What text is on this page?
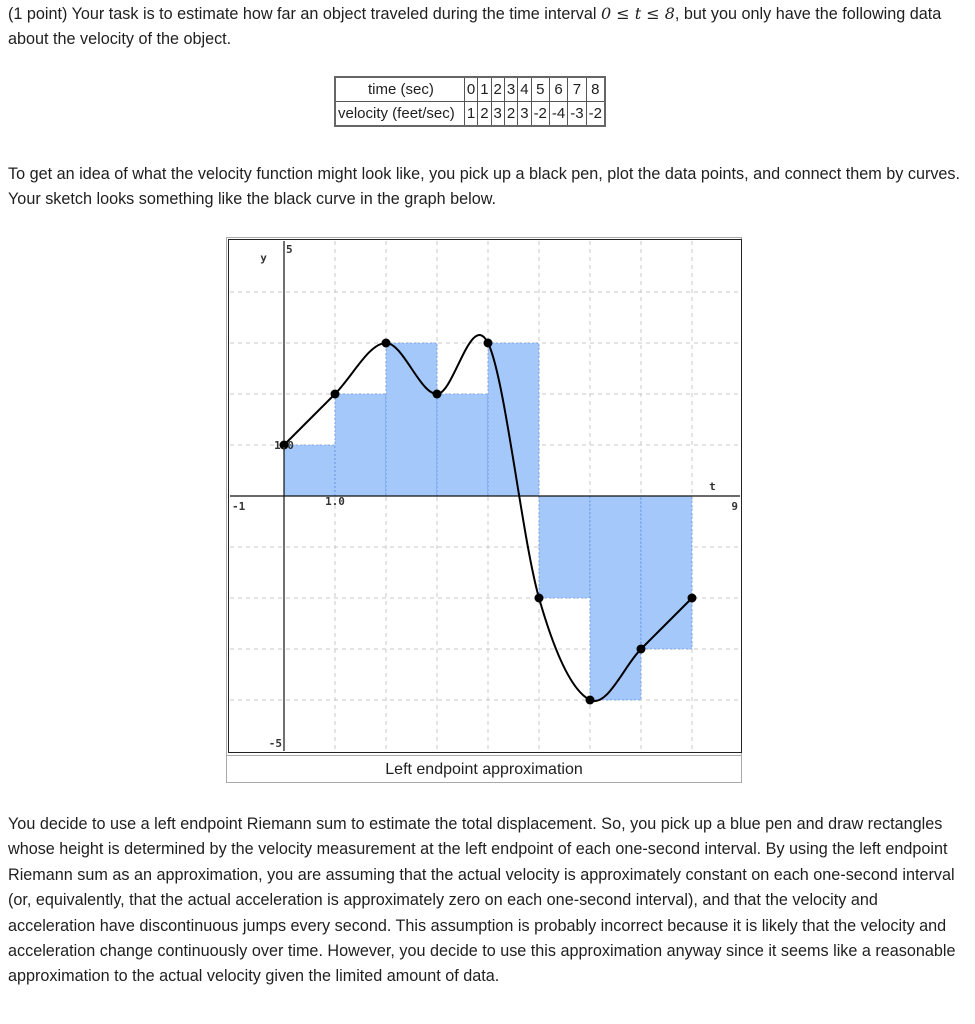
(1 point) Your task is to estimate how far an object traveled during the time interval 0 ≤ t ≤ 8, but you only have the following data about the velocity of the object.

time (sec)	0	1	2	3	4	5	6	7	8
velocity (feet/sec)	1	2	3	2	3	-2	-4	-3	-2

To get an idea of what the velocity function might look like, you pick up a black pen, plot the data points, and connect them by curves. Your sketch looks something like the black curve in the graph below.

-1	9
5
-5
1.0
1.0
y
t
Left endpoint approximation

You decide to use a left endpoint Riemann sum to estimate the total displacement. So, you pick up a blue pen and draw rectangles whose height is determined by the velocity measurement at the left endpoint of each one-second interval. By using the left endpoint Riemann sum as an approximation, you are assuming that the actual velocity is approximately constant on each one-second interval (or, equivalently, that the actual acceleration is approximately zero on each one-second interval), and that the velocity and acceleration have discontinuous jumps every second. This assumption is probably incorrect because it is likely that the velocity and acceleration change continuously over time. However, you decide to use this approximation anyway since it seems like a reasonable approximation to the actual velocity given the limited amount of data.
